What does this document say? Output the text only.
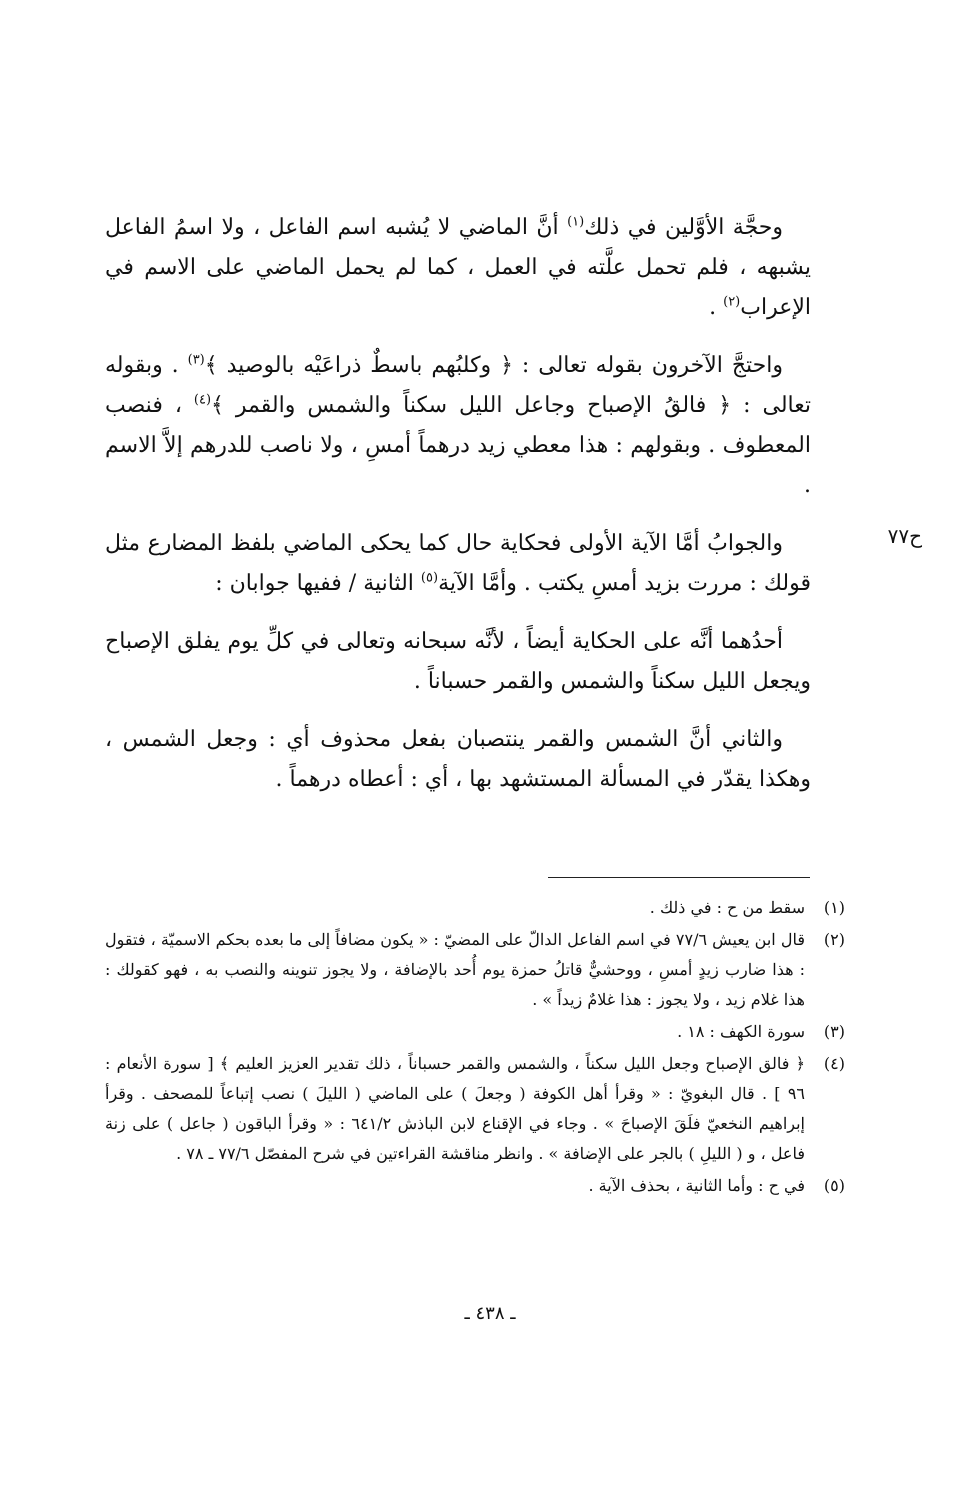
وحجَّة الأوَّلين في ذلك$^{(١)}$ أنَّ الماضي لا يُشبه اسم الفاعل ، ولا اسمُ الفاعل يشبهه ، فلم تحمل علَّته في العمل ، كما لم يحمل الماضي على الاسم في الإعراب$^{(٢)}$ .

واحتجَّ الآخرون بقوله تعالى : ﴿ وكلبُهم باسطٌ ذراعَيْه بالوصيد ﴾$^{(٣)}$ . وبقوله تعالى : ﴿ فالقُ الإصباح وجاعل الليل سكناً والشمس والقمر ﴾$^{(٤)}$ ، فنصب المعطوف . وبقولهم : هذا معطي زيد درهماً أمسِ ، ولا ناصب للدرهم إلاَّ الاسم .

والجوابُ أمَّا الآية الأولى فحكاية حال كما يحكى الماضي بلفظ المضارع مثل قولك : مررت بزيد أمسِ يكتب . وأمَّا الآية$^{(٥)}$ الثانية / ففيها جوابان :

أحدُهما أنَّه على الحكاية أيضاً ، لأنَّه سبحانه وتعالى في كلِّ يوم يفلق الإصباح ويجعل الليل سكناً والشمس والقمر حسباناً .

والثاني أنَّ الشمس والقمر ينتصبان بفعل محذوف أي : وجعل الشمس ، وهكذا يقدّر في المسألة المستشهد بها ، أي : أعطاه درهماً .

ح٧٧
(١)
سقط من ح : في ذلك .
(٢)
قال ابن يعيش ٧٧/٦ في اسم الفاعل الدالّ على المضيّ : « يكون مضافاً إلى ما بعده بحكم الاسميّة ، فتقول : هذا ضارب زيدٍ أمسِ ، ووحشيٌّ قاتلُ حمزة يوم أُحد بالإضافة ، ولا يجوز تنوينه والنصب به ، فهو كقولك : هذا غلام زيد ، ولا يجوز : هذا غلامٌ زيداً » .
(٣)
سورة الكهف : ١٨ .
(٤)
﴿ فالق الإصباح وجعل الليل سكناً ، والشمس والقمر حسباناً ، ذلك تقدير العزيز العليم ﴾ [ سورة الأنعام : ٩٦ ] . قال البغويّ : « وقرأ أهل الكوفة ( وجعلَ ) على الماضي ( الليلَ ) نصب إتباعاً للمصحف . وقرأ إبراهيم النخعيّ فلَقَ الإصباحَ » . وجاء في الإقناع لابن الباذش ٦٤١/٢ : « وقرأ الباقون ( جاعل ) على زنة فاعل ، و ( الليلِ ) بالجر على الإضافة » . وانظر مناقشة القراءتين في شرح المفصّل ٧٧/٦ ـ ٧٨ .
(٥)
في ح : وأما الثانية ، بحذف الآية .
ـ ٤٣٨ ـ
